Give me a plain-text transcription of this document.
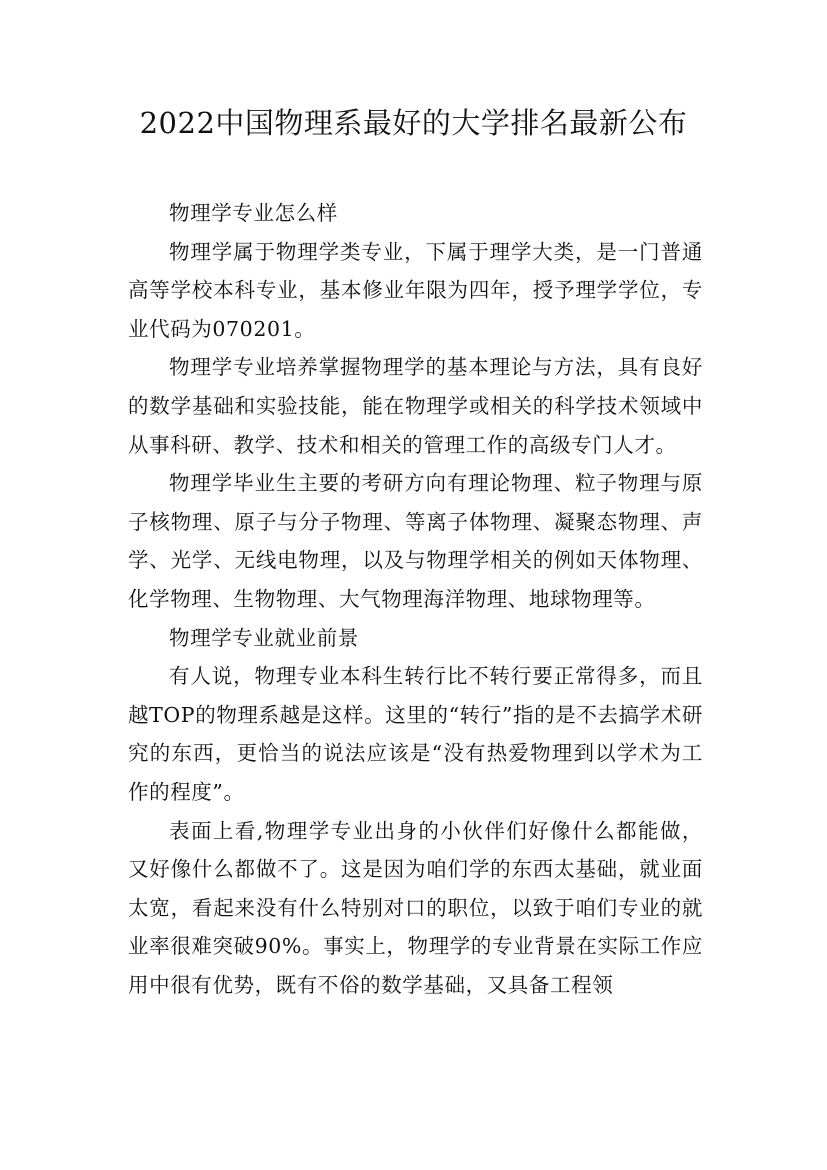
2022中国物理系最好的大学排名最新公布

物理学专业怎么样

物理学属于物理学类专业，下属于理学大类，是一门普通高等学校本科专业，基本修业年限为四年，授予理学学位，专业代码为070201。

物理学专业培养掌握物理学的基本理论与方法，具有良好的数学基础和实验技能，能在物理学或相关的科学技术领域中从事科研、教学、技术和相关的管理工作的高级专门人才。

物理学毕业生主要的考研方向有理论物理、粒子物理与原子核物理、原子与分子物理、等离子体物理、凝聚态物理、声学、光学、无线电物理，以及与物理学相关的例如天体物理、化学物理、生物物理、大气物理海洋物理、地球物理等。

物理学专业就业前景

有人说，物理专业本科生转行比不转行要正常得多，而且越TOP的物理系越是这样。这里的“转行”指的是不去搞学术研究的东西，更恰当的说法应该是“没有热爱物理到以学术为工作的程度”。

表面上看,物理学专业出身的小伙伴们好像什么都能做，又好像什么都做不了。这是因为咱们学的东西太基础，就业面太宽，看起来没有什么特别对口的职位，以致于咱们专业的就业率很难突破90%。事实上，物理学的专业背景在实际工作应用中很有优势，既有不俗的数学基础，又具备工程领
